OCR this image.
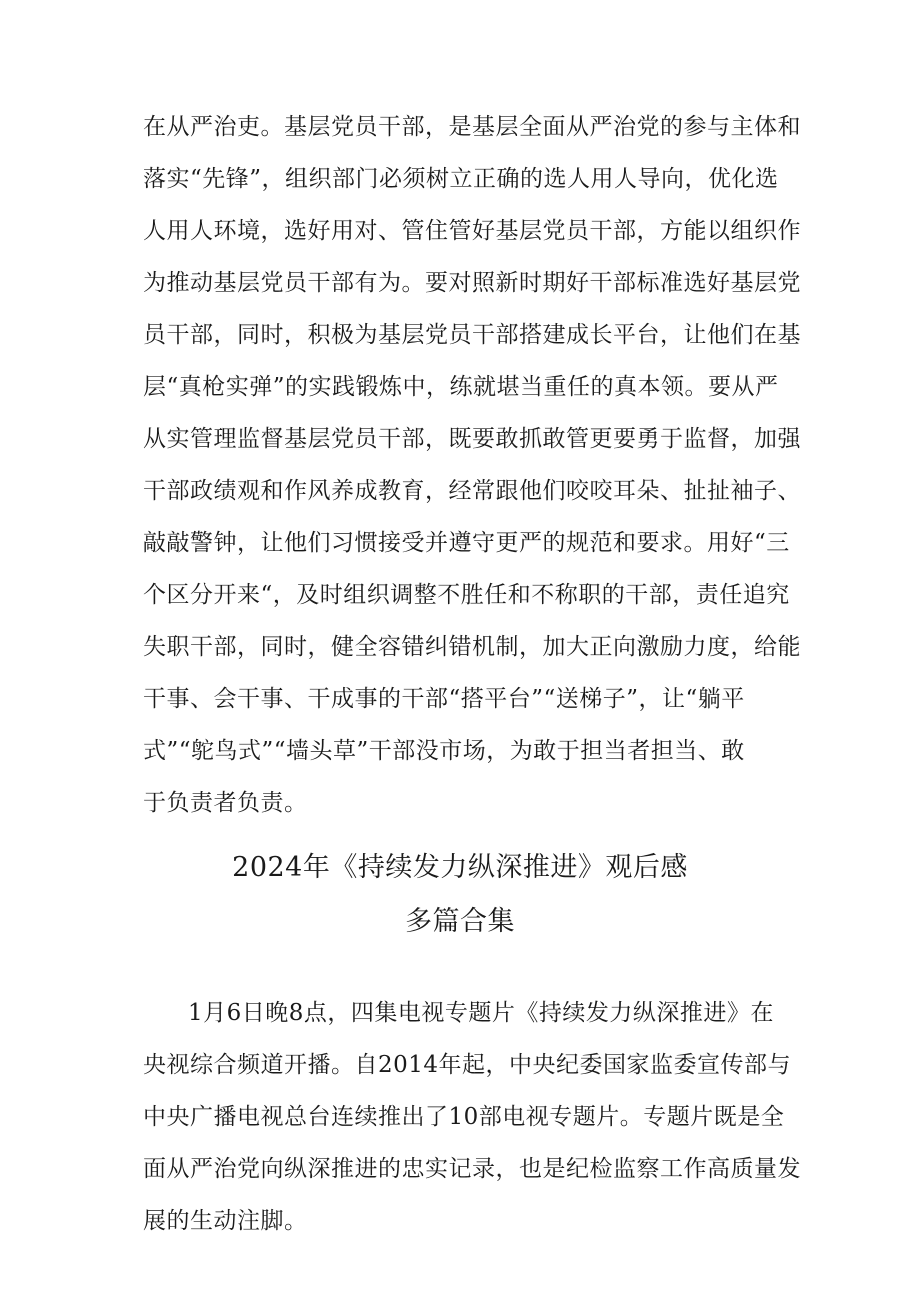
在从严治吏。基层党员干部，是基层全面从严治党的参与主体和
落实“先锋”，组织部门必须树立正确的选人用人导向，优化选
人用人环境，选好用对、管住管好基层党员干部，方能以组织作
为推动基层党员干部有为。要对照新时期好干部标准选好基层党
员干部，同时，积极为基层党员干部搭建成长平台，让他们在基
层“真枪实弹”的实践锻炼中，练就堪当重任的真本领。要从严
从实管理监督基层党员干部，既要敢抓敢管更要勇于监督，加强
干部政绩观和作风养成教育，经常跟他们咬咬耳朵、扯扯袖子、
敲敲警钟，让他们习惯接受并遵守更严的规范和要求。用好“三
个区分开来“，及时组织调整不胜任和不称职的干部，责任追究
失职干部，同时，健全容错纠错机制，加大正向激励力度，给能
干事、会干事、干成事的干部“搭平台”“送梯子”，让“躺平
式”“鸵鸟式”“墙头草”干部没市场，为敢于担当者担当、敢
于负责者负责。
2024年《持续发力纵深推进》观后感
多篇合集
1月6日晚8点，四集电视专题片《持续发力纵深推进》在
央视综合频道开播。自2014年起，中央纪委国家监委宣传部与
中央广播电视总台连续推出了10部电视专题片。专题片既是全
面从严治党向纵深推进的忠实记录，也是纪检监察工作高质量发
展的生动注脚。
